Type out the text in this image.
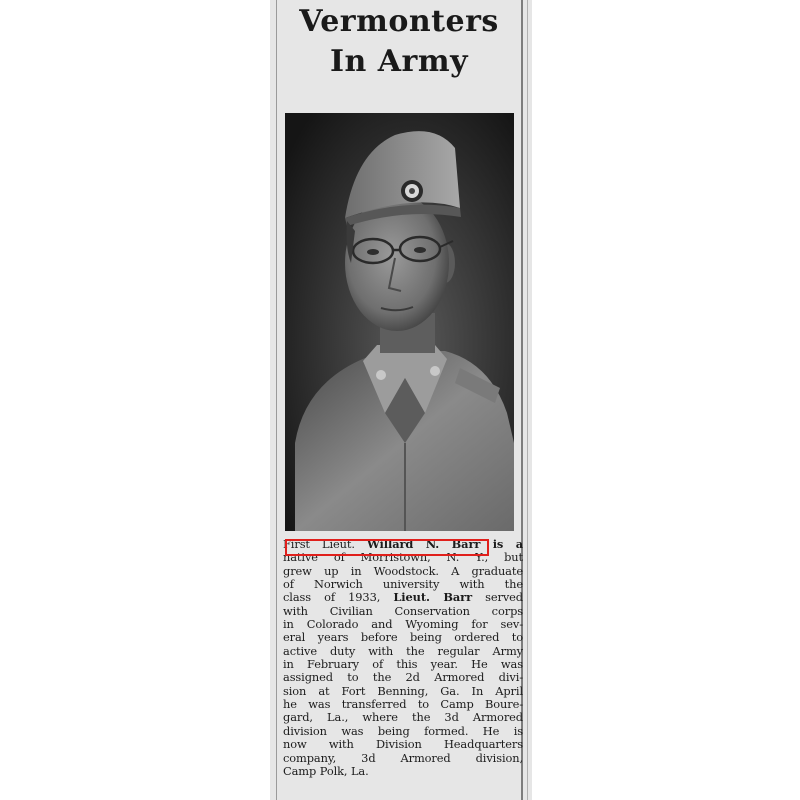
Vermonters
In Army
First Lieut. Willard N. Barr is a
native of Morristown, N. Y., but
grew up in Woodstock. A graduate
of Norwich university with the
class of 1933, Lieut. Barr served
with Civilian Conservation corps
in Colorado and Wyoming for sev-
eral years before being ordered to
active duty with the regular Army
in February of this year. He was
assigned to the 2d Armored divi-
sion at Fort Benning, Ga. In April
he was transferred to Camp Boure-
gard, La., where the 3d Armored
division was being formed. He is
now with Division Headquarters
company, 3d Armored division,
Camp Polk, La.
